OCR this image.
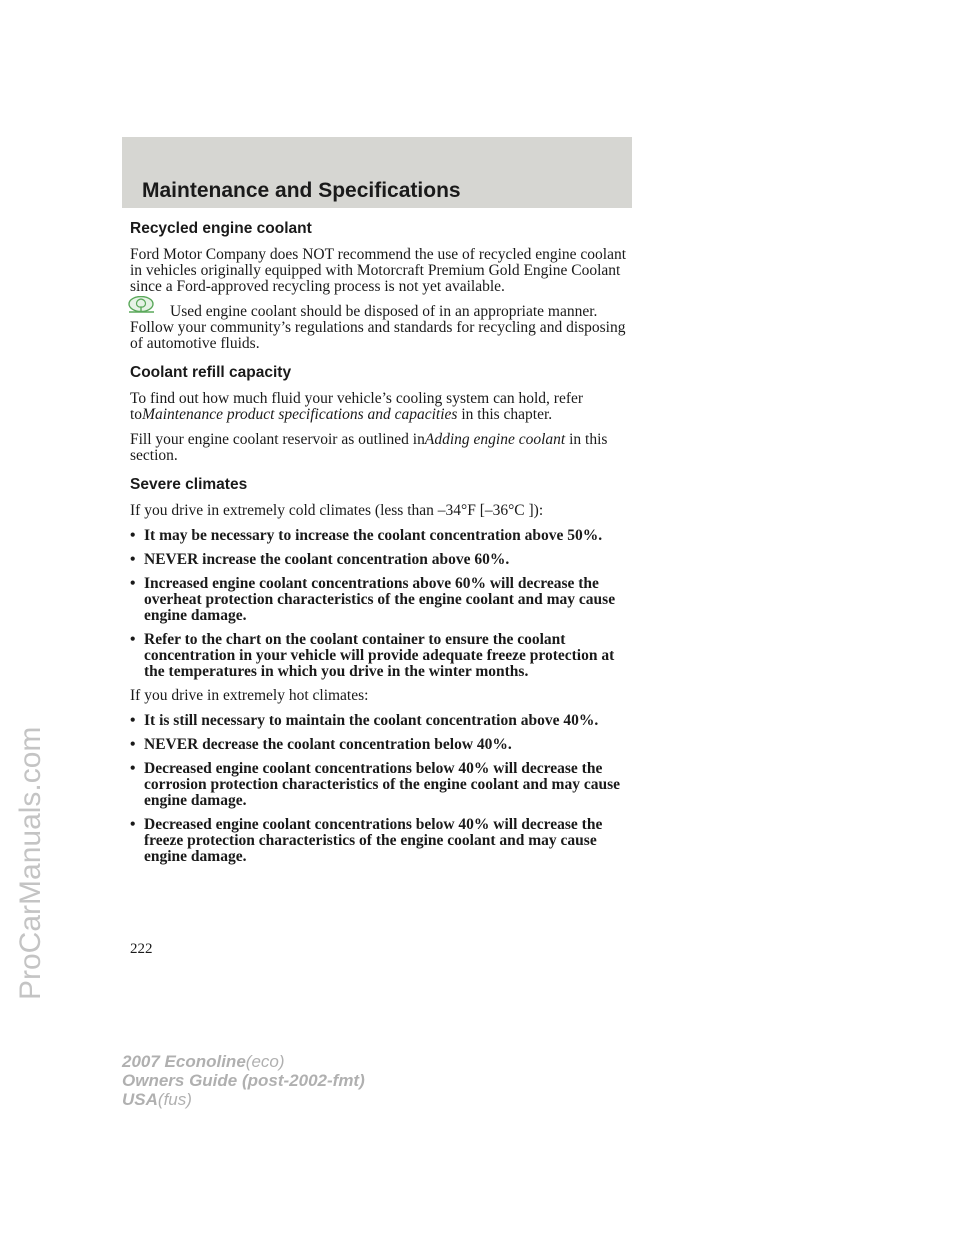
Maintenance and Specifications
Recycled engine coolant

Ford Motor Company does NOT recommend the use of recycled engine coolant in vehicles originally equipped with Motorcraft Premium Gold Engine Coolant since a Ford-approved recycling process is not yet available.

Used engine coolant should be disposed of in an appropriate manner. Follow your community’s regulations and standards for recycling and disposing of automotive fluids.

Coolant refill capacity

To find out how much fluid your vehicle’s cooling system can hold, refer toMaintenance product specifications and capacities in this chapter.

Fill your engine coolant reservoir as outlined inAdding engine coolant in this section.

Severe climates

If you drive in extremely cold climates (less than –34°F [–36°C ]):

• It may be necessary to increase the coolant concentration above 50%.
• NEVER increase the coolant concentration above 60%.
• Increased engine coolant concentrations above 60% will decrease the overheat protection characteristics of the engine coolant and may cause engine damage.
• Refer to the chart on the coolant container to ensure the coolant concentration in your vehicle will provide adequate freeze protection at the temperatures in which you drive in the winter months.

If you drive in extremely hot climates:

• It is still necessary to maintain the coolant concentration above 40%.
• NEVER decrease the coolant concentration below 40%.
• Decreased engine coolant concentrations below 40% will decrease the corrosion protection characteristics of the engine coolant and may cause engine damage.
• Decreased engine coolant concentrations below 40% will decrease the freeze protection characteristics of the engine coolant and may cause engine damage.
222
2007 Econoline(eco)
Owners Guide (post-2002-fmt)
USA(fus)
ProCarManuals.com
